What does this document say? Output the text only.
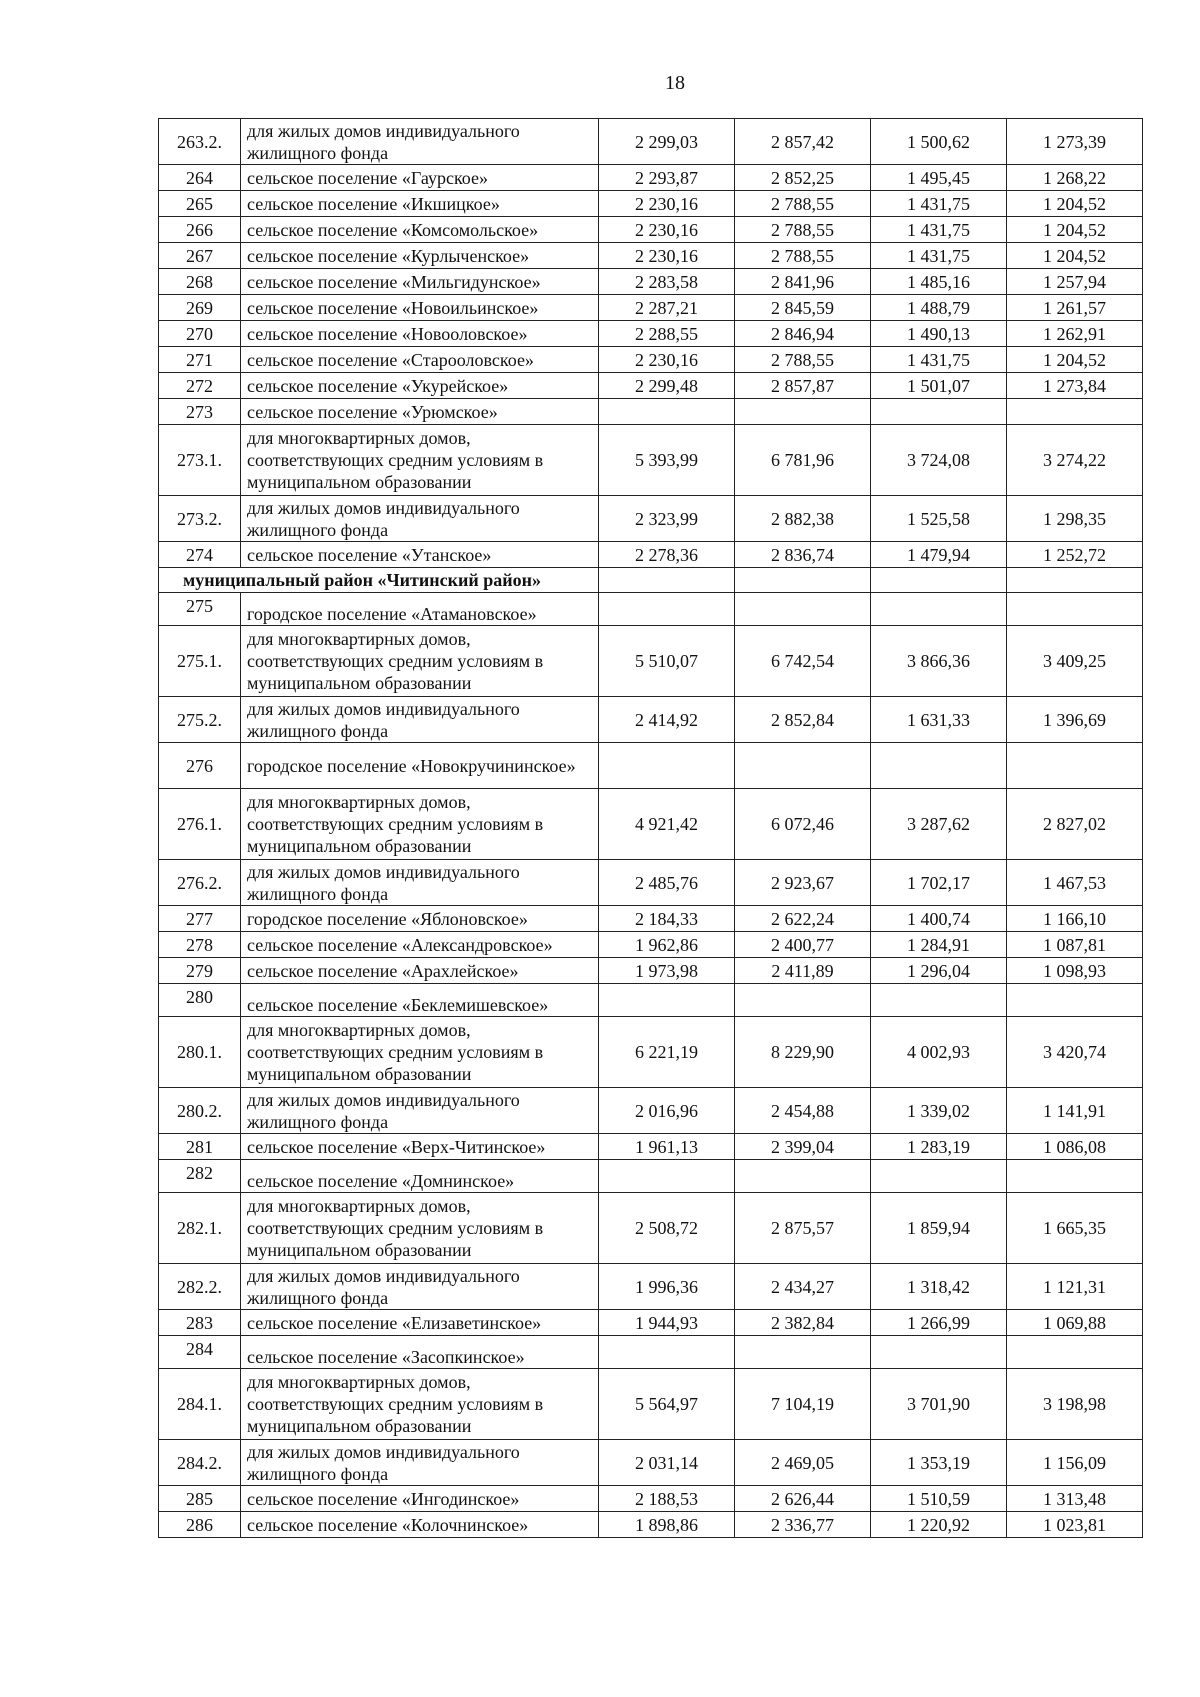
18
263.2.	для жилых домов индивидуального жилищного фонда	2 299,03	2 857,42	1 500,62	1 273,39
264	сельское поселение «Гаурское»	2 293,87	2 852,25	1 495,45	1 268,22
265	сельское поселение «Икшицкое»	2 230,16	2 788,55	1 431,75	1 204,52
266	сельское поселение «Комсомольское»	2 230,16	2 788,55	1 431,75	1 204,52
267	сельское поселение «Курлыченское»	2 230,16	2 788,55	1 431,75	1 204,52
268	сельское поселение «Мильгидунское»	2 283,58	2 841,96	1 485,16	1 257,94
269	сельское поселение «Новоильинское»	2 287,21	2 845,59	1 488,79	1 261,57
270	сельское поселение «Новооловское»	2 288,55	2 846,94	1 490,13	1 262,91
271	сельское поселение «Старооловское»	2 230,16	2 788,55	1 431,75	1 204,52
272	сельское поселение «Укурейское»	2 299,48	2 857,87	1 501,07	1 273,84
273	сельское поселение «Урюмское»				
273.1.	для многоквартирных домов, соответствующих средним условиям в муниципальном образовании	5 393,99	6 781,96	3 724,08	3 274,22
273.2.	для жилых домов индивидуального жилищного фонда	2 323,99	2 882,38	1 525,58	1 298,35
274	сельское поселение «Утанское»	2 278,36	2 836,74	1 479,94	1 252,72
муниципальный район «Читинский район»					
275	городское поселение «Атамановское»				
275.1.	для многоквартирных домов, соответствующих средним условиям в муниципальном образовании	5 510,07	6 742,54	3 866,36	3 409,25
275.2.	для жилых домов индивидуального жилищного фонда	2 414,92	2 852,84	1 631,33	1 396,69
276	городское поселение «Новокручининское»				
276.1.	для многоквартирных домов, соответствующих средним условиям в муниципальном образовании	4 921,42	6 072,46	3 287,62	2 827,02
276.2.	для жилых домов индивидуального жилищного фонда	2 485,76	2 923,67	1 702,17	1 467,53
277	городское поселение «Яблоновское»	2 184,33	2 622,24	1 400,74	1 166,10
278	сельское поселение «Александровское»	1 962,86	2 400,77	1 284,91	1 087,81
279	сельское поселение «Арахлейское»	1 973,98	2 411,89	1 296,04	1 098,93
280	сельское поселение «Беклемишевское»				
280.1.	для многоквартирных домов, соответствующих средним условиям в муниципальном образовании	6 221,19	8 229,90	4 002,93	3 420,74
280.2.	для жилых домов индивидуального жилищного фонда	2 016,96	2 454,88	1 339,02	1 141,91
281	сельское поселение «Верх-Читинское»	1 961,13	2 399,04	1 283,19	1 086,08
282	сельское поселение «Домнинское»				
282.1.	для многоквартирных домов, соответствующих средним условиям в муниципальном образовании	2 508,72	2 875,57	1 859,94	1 665,35
282.2.	для жилых домов индивидуального жилищного фонда	1 996,36	2 434,27	1 318,42	1 121,31
283	сельское поселение «Елизаветинское»	1 944,93	2 382,84	1 266,99	1 069,88
284	сельское поселение «Засопкинское»				
284.1.	для многоквартирных домов, соответствующих средним условиям в муниципальном образовании	5 564,97	7 104,19	3 701,90	3 198,98
284.2.	для жилых домов индивидуального жилищного фонда	2 031,14	2 469,05	1 353,19	1 156,09
285	сельское поселение «Ингодинское»	2 188,53	2 626,44	1 510,59	1 313,48
286	сельское поселение «Колочнинское»	1 898,86	2 336,77	1 220,92	1 023,81
